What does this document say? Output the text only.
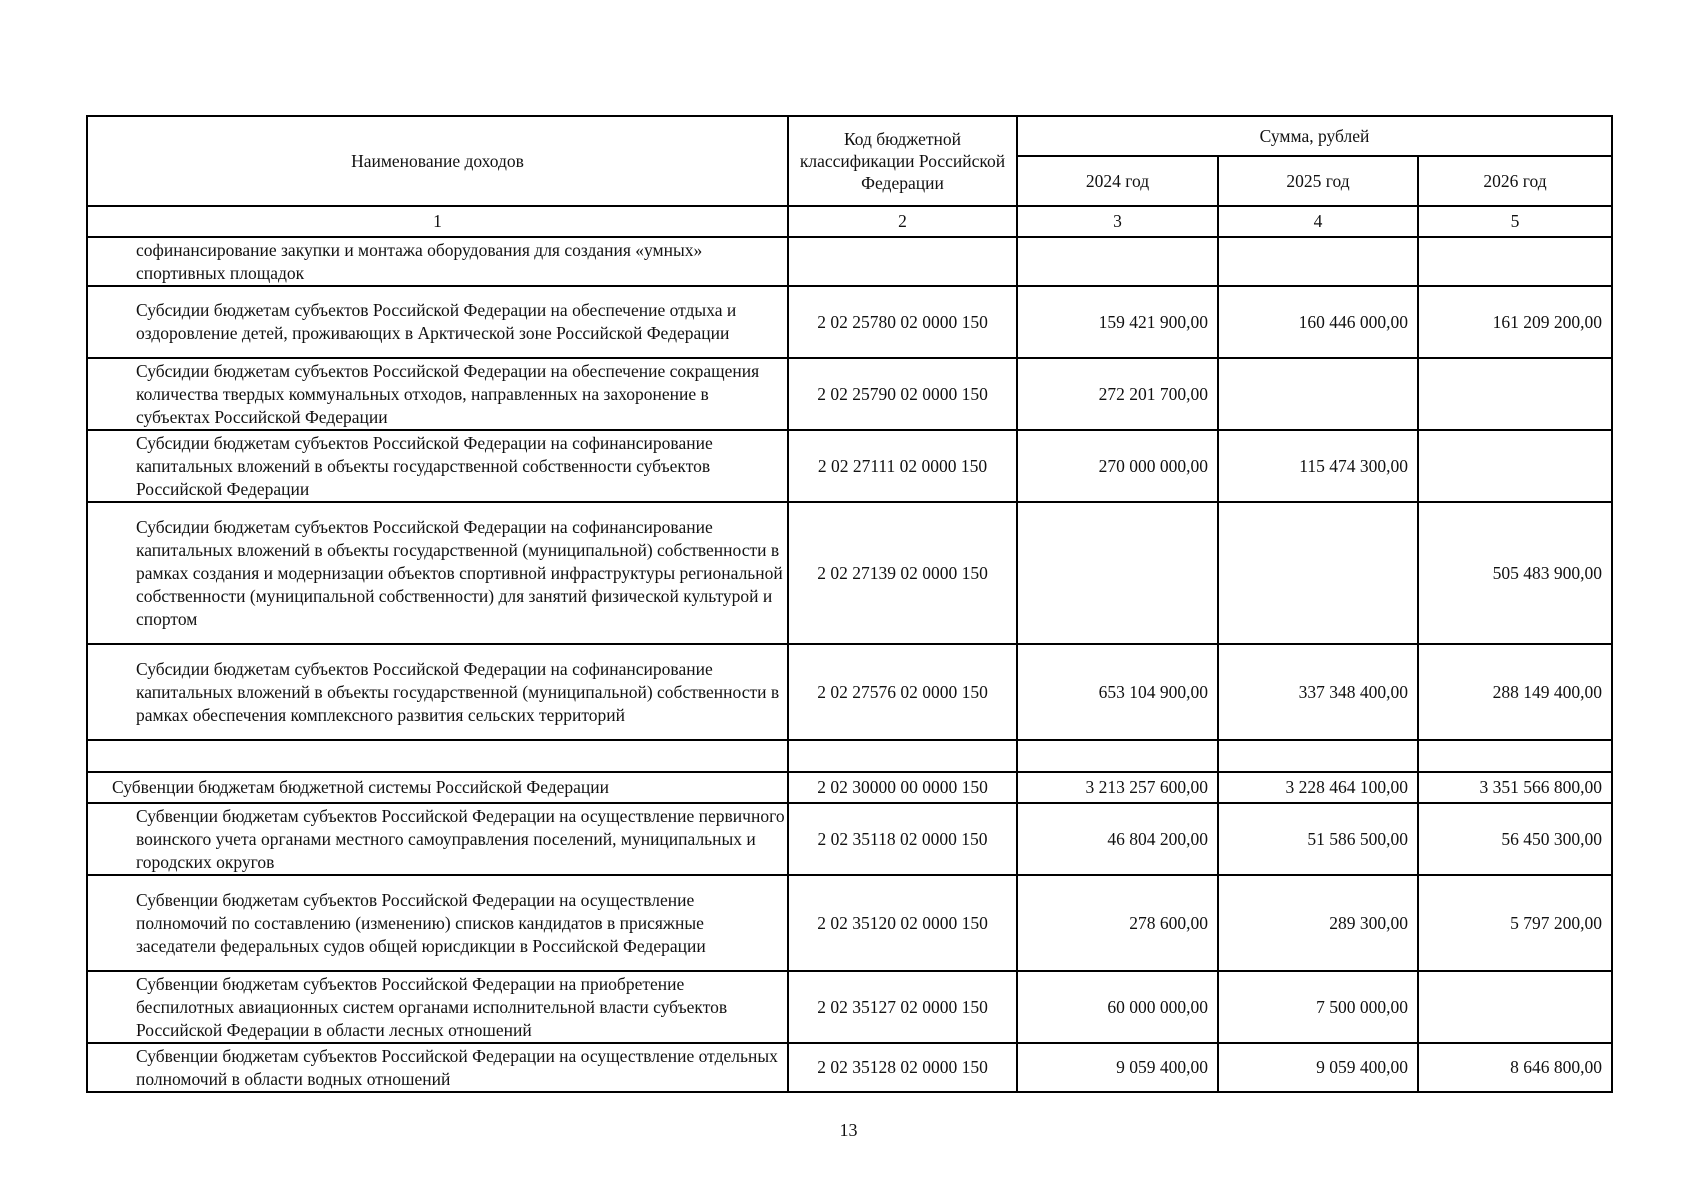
Наименование доходов	Код бюджетной классификации Российской Федерации	Сумма, рублей		
		2024 год	2025 год	2026 год
1	2	3	4	5
софинансирование закупки и монтажа оборудования для создания «умных» спортивных площадок				
Субсидии бюджетам субъектов Российской Федерации на обеспечение отдыха и оздоровление детей, проживающих в Арктической зоне Российской Федерации	2 02 25780 02 0000 150	159 421 900,00	160 446 000,00	161 209 200,00
Субсидии бюджетам субъектов Российской Федерации на обеспечение сокращения количества твердых коммунальных отходов, направленных на захоронение в субъектах Российской Федерации	2 02 25790 02 0000 150	272 201 700,00		
Субсидии бюджетам субъектов Российской Федерации на софинансирование капитальных вложений в объекты государственной собственности субъектов Российской Федерации	2 02 27111 02 0000 150	270 000 000,00	115 474 300,00	
Субсидии бюджетам субъектов Российской Федерации на софинансирование капитальных вложений в объекты государственной (муниципальной) собственности в рамках создания и модернизации объектов спортивной инфраструктуры региональной собственности (муниципальной собственности) для занятий физической культурой и спортом	2 02 27139 02 0000 150			505 483 900,00
Субсидии бюджетам субъектов Российской Федерации на софинансирование капитальных вложений в объекты государственной (муниципальной) собственности в рамках обеспечения комплексного развития сельских территорий	2 02 27576 02 0000 150	653 104 900,00	337 348 400,00	288 149 400,00

Субвенции бюджетам бюджетной системы Российской Федерации	2 02 30000 00 0000 150	3 213 257 600,00	3 228 464 100,00	3 351 566 800,00
Субвенции бюджетам субъектов Российской Федерации на осуществление первичного воинского учета органами местного самоуправления поселений, муниципальных и городских округов	2 02 35118 02 0000 150	46 804 200,00	51 586 500,00	56 450 300,00
Субвенции бюджетам субъектов Российской Федерации на осуществление полномочий по составлению (изменению) списков кандидатов в присяжные заседатели федеральных судов общей юрисдикции в Российской Федерации	2 02 35120 02 0000 150	278 600,00	289 300,00	5 797 200,00
Субвенции бюджетам субъектов Российской Федерации на приобретение беспилотных авиационных систем органами исполнительной власти субъектов Российской Федерации в области лесных отношений	2 02 35127 02 0000 150	60 000 000,00	7 500 000,00	
Субвенции бюджетам субъектов Российской Федерации на осуществление отдельных полномочий в области водных отношений	2 02 35128 02 0000 150	9 059 400,00	9 059 400,00	8 646 800,00
13
